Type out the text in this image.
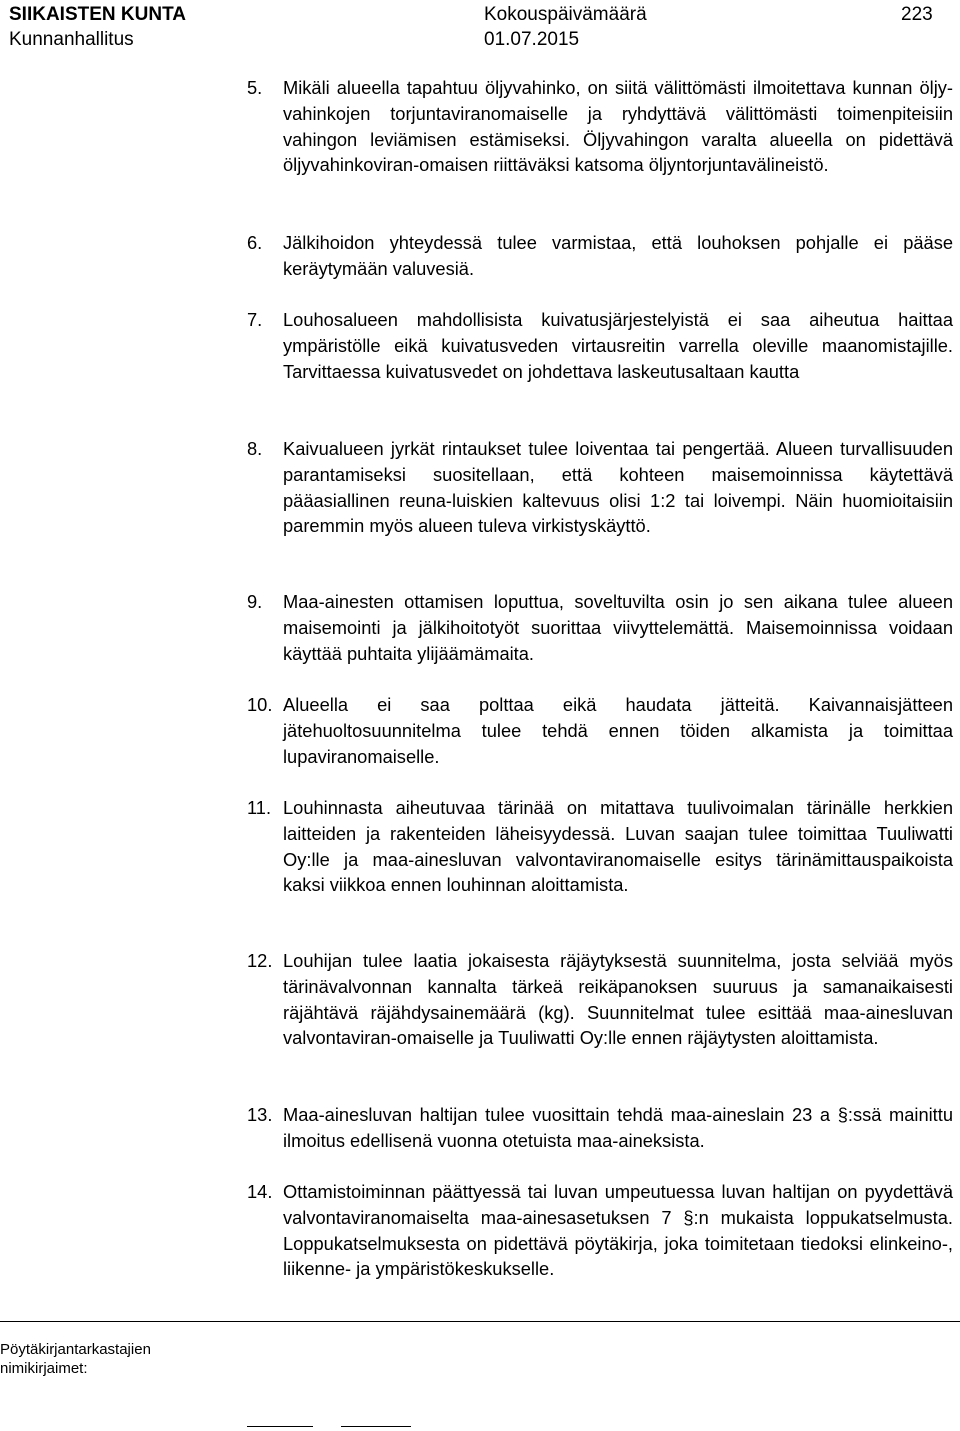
SIIKAISTEN KUNTA
Kunnanhallitus
Kokouspäivämäärä
01.07.2015
223
5. Mikäli alueella tapahtuu öljyvahinko, on siitä välittömästi ilmoitettava kunnan öljy-vahinkojen torjuntaviranomaiselle ja ryhdyttävä välittömästi toimenpiteisiin vahingon leviämisen estämiseksi. Öljyvahingon varalta alueella on pidettävä öljyvahinkoviran-omaisen riittäväksi katsoma öljyntorjuntavälineistö.
6. Jälkihoidon yhteydessä tulee varmistaa, että louhoksen pohjalle ei pääse keräytymään valuvesiä.
7. Louhosalueen mahdollisista kuivatusjärjestelyistä ei saa aiheutua haittaa ympäristölle eikä kuivatusveden virtausreitin varrella oleville maanomistajille. Tarvittaessa kuivatusvedet on johdettava laskeutusaltaan kautta
8. Kaivualueen jyrkät rintaukset tulee loiventaa tai pengertää. Alueen turvallisuuden parantamiseksi suositellaan, että kohteen maisemoinnissa käytettävä pääasiallinen reuna-luiskien kaltevuus olisi 1:2 tai loivempi. Näin huomioitaisiin paremmin myös alueen tuleva virkistyskäyttö.
9. Maa-ainesten ottamisen loputtua, soveltuvilta osin jo sen aikana tulee alueen maisemointi ja jälkihoitotyöt suorittaa viivyttelemättä. Maisemoinnissa voidaan käyttää puhtaita ylijäämämaita.
10. Alueella ei saa polttaa eikä haudata jätteitä. Kaivannaisjätteen jätehuoltosuunnitelma tulee tehdä ennen töiden alkamista ja toimittaa lupaviranomaiselle.
11. Louhinnasta aiheutuvaa tärinää on mitattava tuulivoimalan tärinälle herkkien laitteiden ja rakenteiden läheisyydessä. Luvan saajan tulee toimittaa Tuuliwatti Oy:lle ja maa-ainesluvan valvontaviranomaiselle esitys tärinämittauspaikoista kaksi viikkoa ennen louhinnan aloittamista.
12. Louhijan tulee laatia jokaisesta räjäytyksestä suunnitelma, josta selviää myös tärinävalvonnan kannalta tärkeä reikäpanoksen suuruus ja samanaikaisesti räjähtävä räjähdysainemäärä (kg). Suunnitelmat tulee esittää maa-ainesluvan valvontaviran-omaiselle ja Tuuliwatti Oy:lle ennen räjäytysten aloittamista.
13. Maa-ainesluvan haltijan tulee vuosittain tehdä maa-aineslain 23 a §:ssä mainittu ilmoitus edellisenä vuonna otetuista maa-aineksista.
14. Ottamistoiminnan päättyessä tai luvan umpeutuessa luvan haltijan on pyydettävä valvontaviranomaiselta maa-ainesasetuksen 7 §:n mukaista loppukatselmusta. Loppukatselmuksesta on pidettävä pöytäkirja, joka toimitetaan tiedoksi elinkeino-, liikenne- ja ympäristökeskukselle.
Pöytäkirjantarkastajien
nimikirjaimet:
